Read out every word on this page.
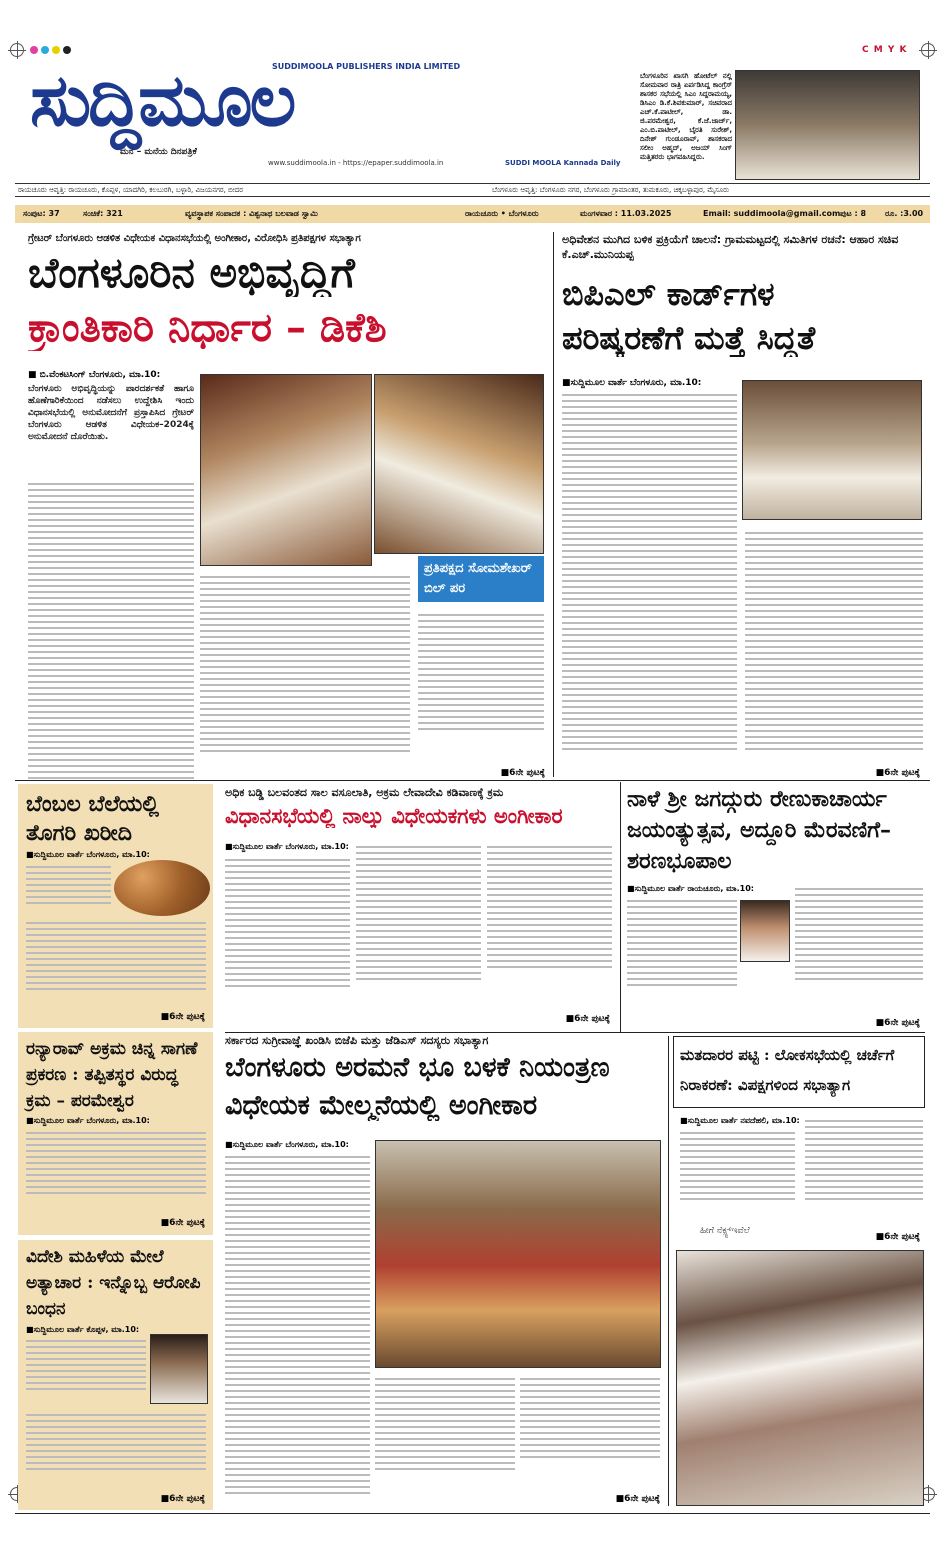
C M Y K
ಸುದ್ದಿಮೂಲ
SUDDIMOOLA PUBLISHERS INDIA LIMITED
ಮನ – ಮನೆಯ ದಿನಪತ್ರಿಕೆ
www.suddimoola.in - https://epaper.suddimoola.in	SUDDI MOOLA Kannada Daily
ಬೆಂಗಳೂರಿನ ಖಾಸಗಿ ಹೋಟೆಲ್ ನಲ್ಲಿ ಸೋಮವಾರ ರಾತ್ರಿ ಏರ್ಪಡಿಸಿದ್ದ ಕಾಂಗ್ರೆಸ್ ಶಾಸಕರ ಸಭೆಯಲ್ಲಿ ಸಿಎಂ ಸಿದ್ದರಾಮಯ್ಯ, ಡಿಸಿಎಂ ಡಿ.ಕೆ.ಶಿವಕುಮಾರ್, ಸಚಿವರಾದ ಎಚ್.ಕೆ.ಪಾಟೀಲ್, ಡಾ. ಜಿ.ಪರಮೇಶ್ವರ, ಕೆ.ಜೆ.ಜಾರ್ಜ್, ಎಂ.ಬಿ.ಪಾಟೀಲ್, ಬೈರತಿ ಸುರೇಶ್, ದಿನೇಶ್ ಗುಂಡೂರಾವ್, ಶಾಸಕರಾದ ಸಲೀಂ ಅಹ್ಮದ್, ಅಜಯ್ ಸಿಂಗ್ ಮತ್ತಿತರರು ಭಾಗವಹಿಸಿದ್ದರು.
ರಾಯಚೂರು ಆವೃತ್ತಿ: ರಾಯಚೂರು, ಕೊಪ್ಪಳ, ಯಾದಗಿರಿ, ಕಲಬುರಗಿ, ಬಳ್ಳಾರಿ, ವಿಜಯನಗರ, ಬೀದರ	ಬೆಂಗಳೂರು ಆವೃತ್ತಿ: ಬೆಂಗಳೂರು ನಗರ, ಬೆಂಗಳೂರು ಗ್ರಾಮಾಂತರ, ತುಮಕೂರು, ಚಿಕ್ಕಬಳ್ಳಾಪುರ, ಮೈಸೂರು
ಸಂಪುಟ: 37	ಸಂಚಿಕೆ: 321	ವ್ಯವಸ್ಥಾಪಕ ಸಂಪಾದಕ : ವಿಶ್ವನಾಥ ಬಲವಾಡ ಸ್ವಾಮಿ	ರಾಯಚೂರು • ಬೆಂಗಳೂರು	ಮಂಗಳವಾರ : 11.03.2025	Email: suddimoola@gmail.com ಪುಟ : 8 ರೂ. :3.00
ಗ್ರೇಟರ್ ಬೆಂಗಳೂರು ಆಡಳಿತ ವಿಧೇಯಕ ವಿಧಾನಸಭೆಯಲ್ಲಿ ಅಂಗೀಕಾರ, ವಿರೋಧಿಸಿ ಪ್ರತಿಪಕ್ಷಗಳ ಸಭಾತ್ಯಾಗ
ಬೆಂಗಳೂರಿನ ಅಭಿವೃದ್ಧಿಗೆ
ಕ್ರಾಂತಿಕಾರಿ ನಿರ್ಧಾರ – ಡಿಕೆಶಿ
■ ಬಿ.ವೆಂಕಟಸಿಂಗ್ ಬೆಂಗಳೂರು, ಮಾ.10:
ಬೆಂಗಳೂರು ಅಭಿವೃದ್ಧಿಯನ್ನು ಪಾರದರ್ಶಕತೆ ಹಾಗೂ ಹೊಣೆಗಾರಿಕೆಯಿಂದ ನಡೆಸಲು ಉದ್ದೇಶಿಸಿ ಇಂದು ವಿಧಾನಸಭೆಯಲ್ಲಿ ಅನುಮೋದನೆಗೆ ಪ್ರಸ್ತಾಪಿಸಿದ ಗ್ರೇಟರ್ ಬೆಂಗಳೂರು ಆಡಳಿತ ವಿಧೇಯಕ–2024ಕ್ಕೆ ಅನುಮೋದನೆ ದೊರೆಯಿತು.
ಪ್ರತಿಪಕ್ಷದ ಸೋಮಶೇಖರ್ ಬಿಲ್ ಪರ
■6ನೇ ಪುಟಕ್ಕೆ
ಅಧಿವೇಶನ ಮುಗಿದ ಬಳಿಕ ಪ್ರಕ್ರಿಯೆಗೆ ಚಾಲನೆ: ಗ್ರಾಮಮಟ್ಟದಲ್ಲಿ ಸಮಿತಿಗಳ ರಚನೆ: ಆಹಾರ ಸಚಿವ ಕೆ.ಎಚ್.ಮುನಿಯಪ್ಪ
ಬಿಪಿಎಲ್ ಕಾರ್ಡ್‌ಗಳ
ಪರಿಷ್ಕರಣೆಗೆ ಮತ್ತೆ ಸಿದ್ಧತೆ
■ಸುದ್ದಿಮೂಲ ವಾರ್ತೆ ಬೆಂಗಳೂರು, ಮಾ.10:
■6ನೇ ಪುಟಕ್ಕೆ
ಬೆಂಬಲ ಬೆಲೆಯಲ್ಲಿ ತೊಗರಿ ಖರೀದಿ
■ಸುದ್ದಿಮೂಲ ವಾರ್ತೆ ಬೆಂಗಳೂರು, ಮಾ.10:
■6ನೇ ಪುಟಕ್ಕೆ
ಅಧಿಕ ಬಡ್ಡಿ ಬಲವಂತದ ಸಾಲ ವಸೂಲಾತಿ, ಅಕ್ರಮ ಲೇವಾದೇವಿ ಕಡಿವಾಣಕ್ಕೆ ಕ್ರಮ
ವಿಧಾನಸಭೆಯಲ್ಲಿ ನಾಲ್ಕು ವಿಧೇಯಕಗಳು ಅಂಗೀಕಾರ
■ಸುದ್ದಿಮೂಲ ವಾರ್ತೆ ಬೆಂಗಳೂರು, ಮಾ.10:
■6ನೇ ಪುಟಕ್ಕೆ
ನಾಳೆ ಶ್ರೀ ಜಗದ್ಗುರು ರೇಣುಕಾಚಾರ್ಯ ಜಯಂತ್ಯುತ್ಸವ, ಅದ್ದೂರಿ ಮೆರವಣಿಗೆ–ಶರಣಭೂಪಾಲ
■ಸುದ್ದಿಮೂಲ ವಾರ್ತೆ ರಾಯಚೂರು, ಮಾ.10:
■6ನೇ ಪುಟಕ್ಕೆ
ರನ್ಯಾರಾವ್ ಅಕ್ರಮ ಚಿನ್ನ ಸಾಗಣೆ ಪ್ರಕರಣ : ತಪ್ಪಿತಸ್ಥರ ವಿರುದ್ಧ ಕ್ರಮ – ಪರಮೇಶ್ವರ
■ಸುದ್ದಿಮೂಲ ವಾರ್ತೆ ಬೆಂಗಳೂರು, ಮಾ.10:
■6ನೇ ಪುಟಕ್ಕೆ
ವಿದೇಶಿ ಮಹಿಳೆಯ ಮೇಲೆ ಅತ್ಯಾಚಾರ : ಇನ್ನೊಬ್ಬ ಆರೋಪಿ ಬಂಧನ
■ಸುದ್ದಿಮೂಲ ವಾರ್ತೆ ಕೊಪ್ಪಳ, ಮಾ.10:
■6ನೇ ಪುಟಕ್ಕೆ
ಸರ್ಕಾರದ ಸುಗ್ರೀವಾಜ್ಞೆ ಖಂಡಿಸಿ ಬಿಜೆಪಿ ಮತ್ತು ಜೆಡಿಎಸ್ ಸದಸ್ಯರು ಸಭಾತ್ಯಾಗ
ಬೆಂಗಳೂರು ಅರಮನೆ ಭೂ ಬಳಕೆ ನಿಯಂತ್ರಣ
ವಿಧೇಯಕ ಮೇಲ್ಮನೆಯಲ್ಲಿ ಅಂಗೀಕಾರ
■ಸುದ್ದಿಮೂಲ ವಾರ್ತೆ ಬೆಂಗಳೂರು, ಮಾ.10:
■6ನೇ ಪುಟಕ್ಕೆ
ಮತದಾರರ ಪಟ್ಟಿ : ಲೋಕಸಭೆಯಲ್ಲಿ ಚರ್ಚೆಗೆ ನಿರಾಕರಣೆ: ವಿಪಕ್ಷಗಳಿಂದ ಸಭಾತ್ಯಾಗ
■ಸುದ್ದಿಮೂಲ ವಾರ್ತೆ ನವದೆಹಲಿ, ಮಾ.10:
ಹೀಗೆ ನೆಕ್ಸ್ಟ್‌ಇವೆಲೆ
■6ನೇ ಪುಟಕ್ಕೆ
